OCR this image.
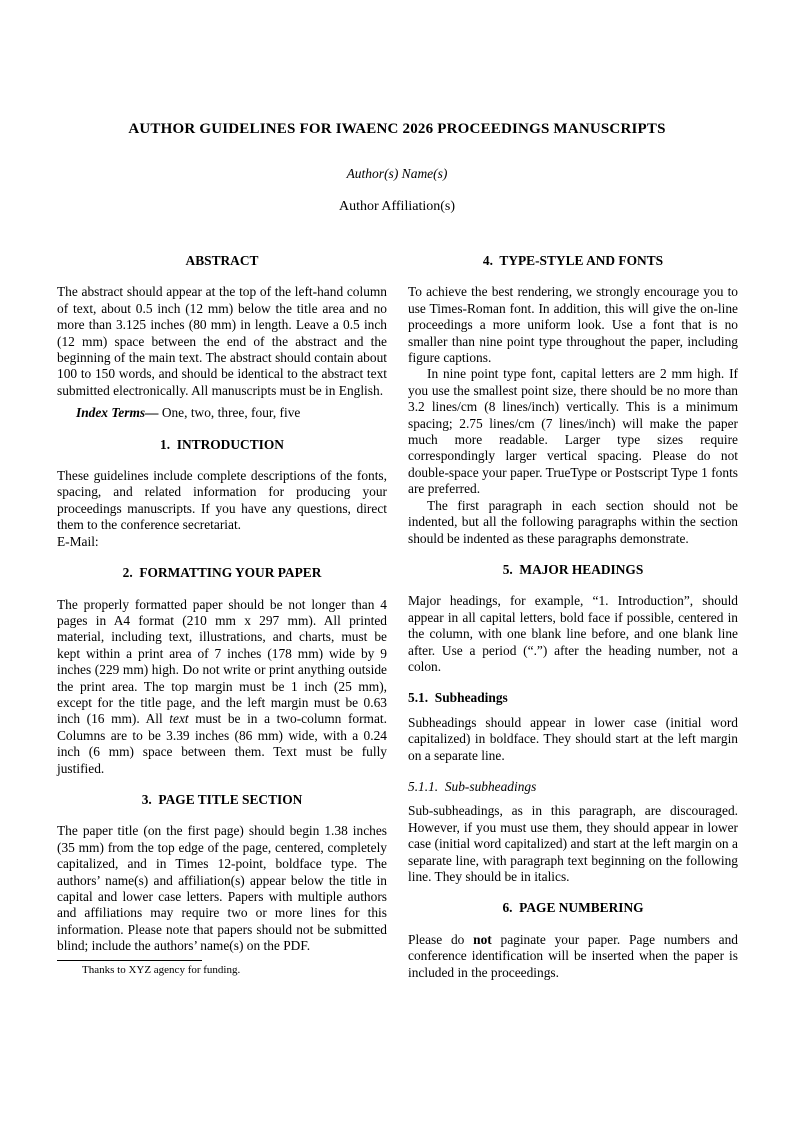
AUTHOR GUIDELINES FOR IWAENC 2026 PROCEEDINGS MANUSCRIPTS
Author(s) Name(s)
Author Affiliation(s)
ABSTRACT

The abstract should appear at the top of the left-hand column of text, about 0.5 inch (12 mm) below the title area and no more than 3.125 inches (80 mm) in length. Leave a 0.5 inch (12 mm) space between the end of the abstract and the beginning of the main text. The abstract should contain about 100 to 150 words, and should be identical to the abstract text submitted electronically. All manuscripts must be in English.

Index Terms— One, two, three, four, five

1.  INTRODUCTION

These guidelines include complete descriptions of the fonts, spacing, and related information for producing your proceedings manuscripts. If you have any questions, direct them to the conference secretariat.

E-Mail:
2.  FORMATTING YOUR PAPER

The properly formatted paper should be not longer than 4 pages in A4 format (210 mm x 297 mm). All printed material, including text, illustrations, and charts, must be kept within a print area of 7 inches (178 mm) wide by 9 inches (229 mm) high. Do not write or print anything outside the print area. The top margin must be 1 inch (25 mm), except for the title page, and the left margin must be 0.63 inch (16 mm). All text must be in a two-column format. Columns are to be 3.39 inches (86 mm) wide, with a 0.24 inch (6 mm) space between them. Text must be fully justified.

3.  PAGE TITLE SECTION

The paper title (on the first page) should begin 1.38 inches (35 mm) from the top edge of the page, centered, completely capitalized, and in Times 12-point, boldface type. The authors’ name(s) and affiliation(s) appear below the title in capital and lower case letters. Papers with multiple authors and affiliations may require two or more lines for this information. Please note that papers should not be submitted blind; include the authors’ name(s) on the PDF.

Thanks to XYZ agency for funding.

4.  TYPE-STYLE AND FONTS

To achieve the best rendering, we strongly encourage you to use Times-Roman font. In addition, this will give the on-line proceedings a more uniform look. Use a font that is no smaller than nine point type throughout the paper, including figure captions.

In nine point type font, capital letters are 2 mm high. If you use the smallest point size, there should be no more than 3.2 lines/cm (8 lines/inch) vertically. This is a minimum spacing; 2.75 lines/cm (7 lines/inch) will make the paper much more readable. Larger type sizes require correspondingly larger vertical spacing. Please do not double-space your paper. TrueType or Postscript Type 1 fonts are preferred.

The first paragraph in each section should not be indented, but all the following paragraphs within the section should be indented as these paragraphs demonstrate.

5.  MAJOR HEADINGS

Major headings, for example, “1. Introduction”, should appear in all capital letters, bold face if possible, centered in the column, with one blank line before, and one blank line after. Use a period (“.”) after the heading number, not a colon.

5.1.  Subheadings

Subheadings should appear in lower case (initial word capitalized) in boldface. They should start at the left margin on a separate line.

5.1.1.  Sub-subheadings

Sub-subheadings, as in this paragraph, are discouraged. However, if you must use them, they should appear in lower case (initial word capitalized) and start at the left margin on a separate line, with paragraph text beginning on the following line. They should be in italics.

6.  PAGE NUMBERING

Please do not paginate your paper. Page numbers and conference identification will be inserted when the paper is included in the proceedings.
